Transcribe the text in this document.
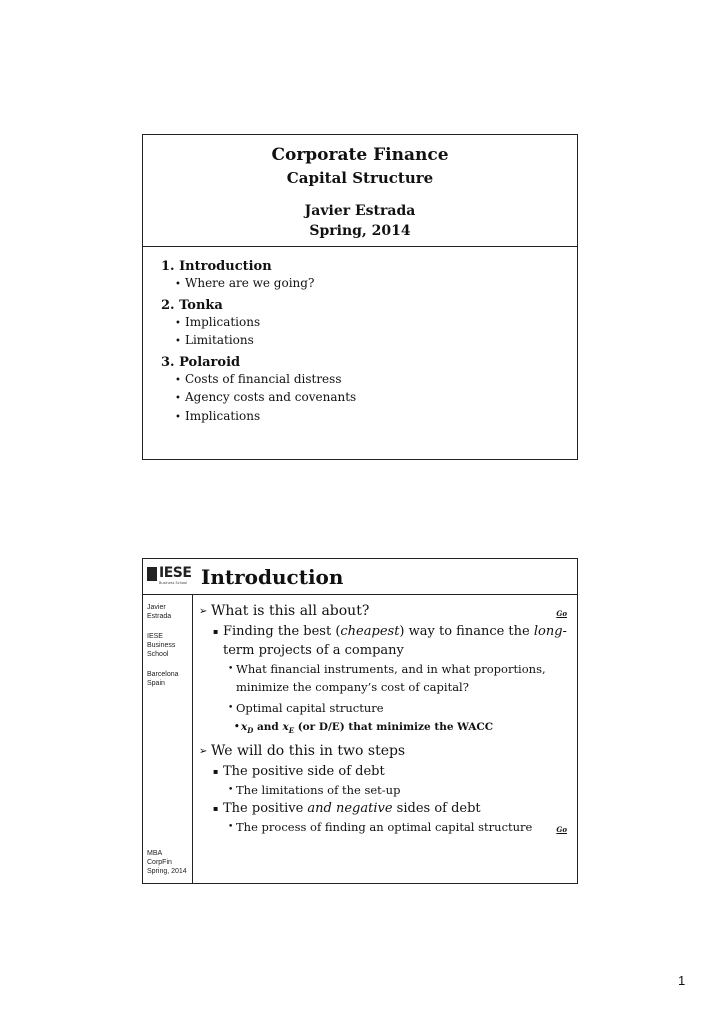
Corporate Finance
Capital Structure
Javier Estrada
Spring, 2014
1. Introduction
• Where are we going?
2. Tonka
• Implications
• Limitations
3. Polaroid
• Costs of financial distress
• Agency costs and covenants
• Implications
IESE
Business School Introduction
Javier
Estrada
IESE
Business
School
Barcelona
Spain
MBA
CorpFin
Spring, 2014
➢ What is this all about?	Go
▪ Finding the best (cheapest) way to finance the long-
term projects of a company
• What financial instruments, and in what proportions,
minimize the company’s cost of capital?
• Optimal capital structure
• $x_D$ and $x_E$ (or D/E) that minimize the WACC
➢ We will do this in two steps
▪ The positive side of debt
• The limitations of the set-up
▪ The positive and negative sides of debt
• The process of finding an optimal capital structure	Go
1
